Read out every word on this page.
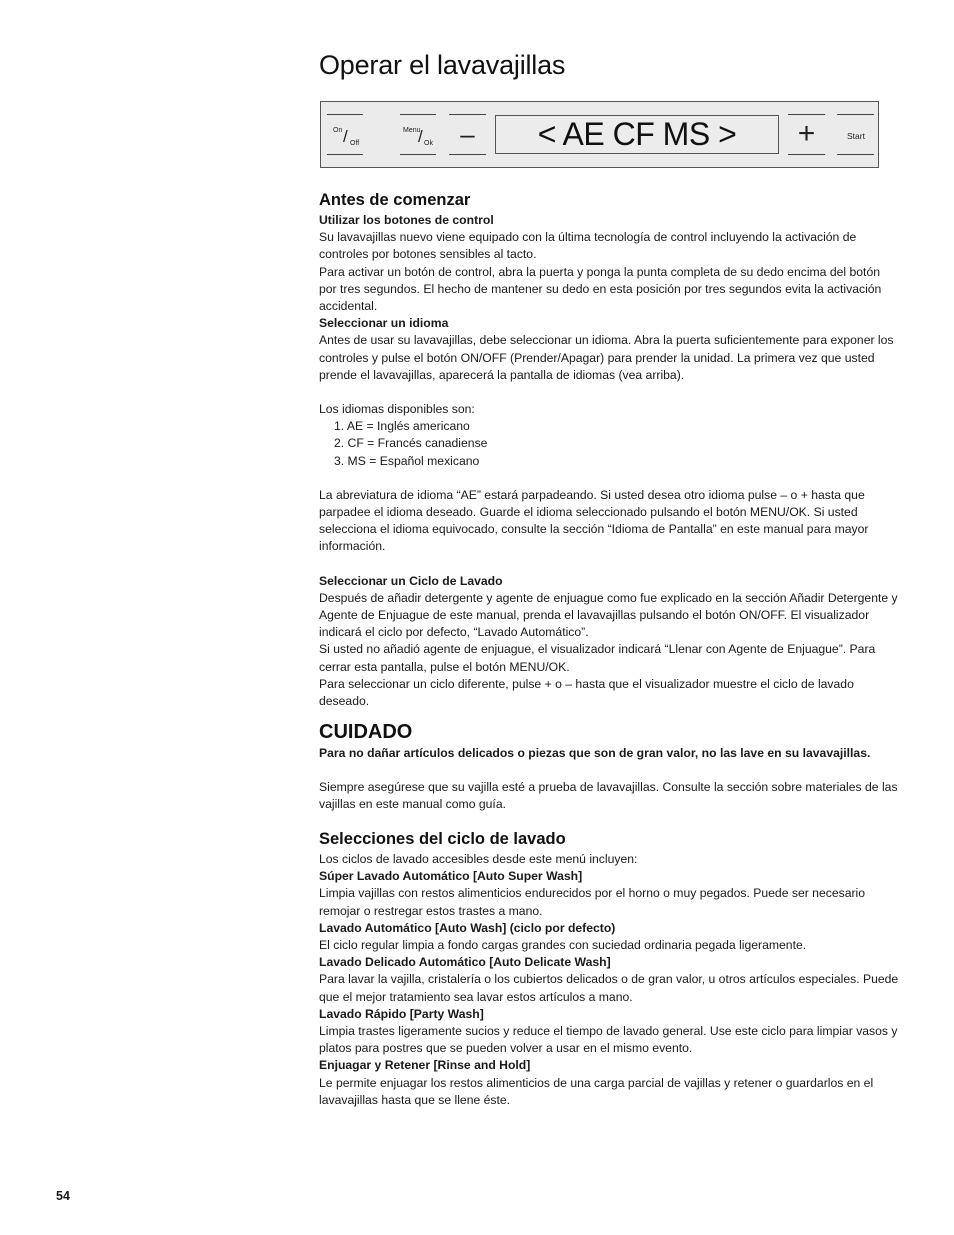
Operar el lavavajillas
On / Off
Menu
/ Ok	–	< AE CF MS >	+	Start
Antes de comenzar

Utilizar los botones de control

Su lavavajillas nuevo viene equipado con la última tecnología de control incluyendo la activación de controles por botones sensibles al tacto.

Para activar un botón de control, abra la puerta y ponga la punta completa de su dedo encima del botón por tres segundos. El hecho de mantener su dedo en esta posición por tres segundos evita la activación accidental.

Seleccionar un idioma

Antes de usar su lavavajillas, debe seleccionar un idioma. Abra la puerta suficientemente para exponer los controles y pulse el botón ON/OFF (Prender/Apagar) para prender la unidad. La primera vez que usted prende el lavavajillas, aparecerá la pantalla de idiomas (vea arriba).

Los idiomas disponibles son:

1. AE = Inglés americano

2. CF = Francés canadiense

3. MS = Español mexicano

La abreviatura de idioma “AE” estará parpadeando. Si usted desea otro idioma pulse – o + hasta que parpadee el idioma deseado. Guarde el idioma seleccionado pulsando el botón MENU/OK. Si usted selecciona el idioma equivocado, consulte la sección “Idioma de Pantalla” en este manual para mayor información.

Seleccionar un Ciclo de Lavado

Después de añadir detergente y agente de enjuague como fue explicado en la sección Añadir Detergente y Agente de Enjuague de este manual, prenda el lavavajillas pulsando el botón ON/OFF. El visualizador indicará el ciclo por defecto, “Lavado Automático”.

Si usted no añadió agente de enjuague, el visualizador indicará “Llenar con Agente de Enjuague”. Para cerrar esta pantalla, pulse el botón MENU/OK.

Para seleccionar un ciclo diferente, pulse + o – hasta que el visualizador muestre el ciclo de lavado deseado.

CUIDADO

Para no dañar artículos delicados o piezas que son de gran valor, no las lave en su lavavajillas.

Siempre asegúrese que su vajilla esté a prueba de lavavajillas. Consulte la sección sobre materiales de las vajillas en este manual como guía.

Selecciones del ciclo de lavado

Los ciclos de lavado accesibles desde este menú incluyen:

Súper Lavado Automático [Auto Super Wash]

Limpia vajillas con restos alimenticios endurecidos por el horno o muy pegados. Puede ser necesario remojar o restregar estos trastes a mano.

Lavado Automático [Auto Wash] (ciclo por defecto)

El ciclo regular limpia a fondo cargas grandes con suciedad ordinaria pegada ligeramente.

Lavado Delicado Automático [Auto Delicate Wash]

Para lavar la vajilla, cristalería o los cubiertos delicados o de gran valor, u otros artículos especiales. Puede que el mejor tratamiento sea lavar estos artículos a mano.

Lavado Rápido [Party Wash]

Limpia trastes ligeramente sucios y reduce el tiempo de lavado general. Use este ciclo para limpiar vasos y platos para postres que se pueden volver a usar en el mismo evento.

Enjuagar y Retener [Rinse and Hold]

Le permite enjuagar los restos alimenticios de una carga parcial de vajillas y retener o guardarlos en el lavavajillas hasta que se llene éste.

54
